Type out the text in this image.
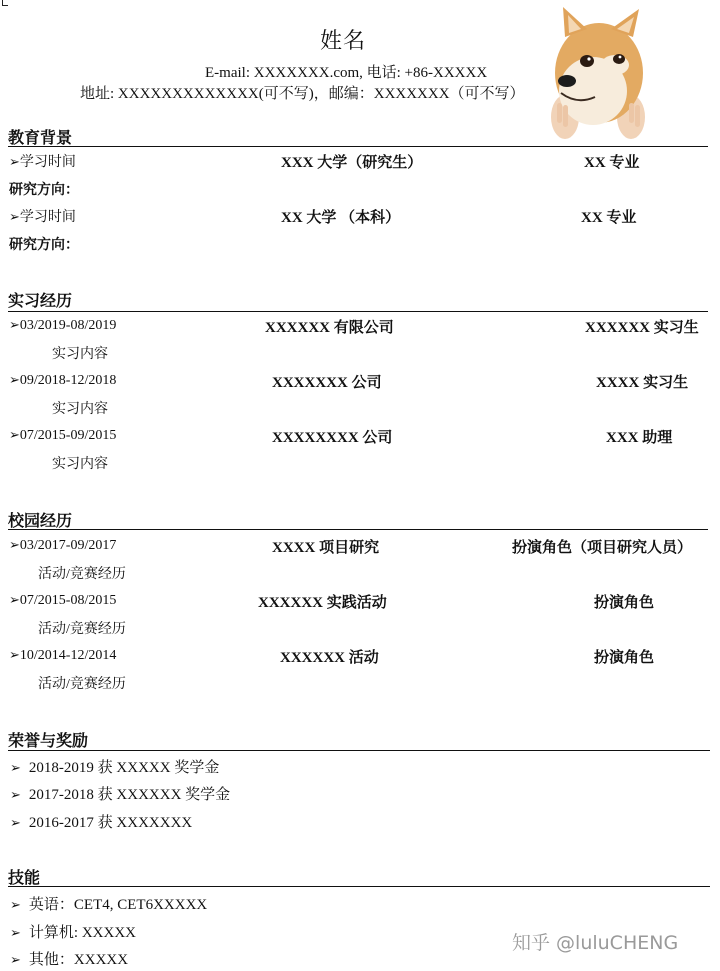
姓名
E-mail: XXXXXXX.com, 电话: +86-XXXXX
地址: XXXXXXXXXXXXX(可不写)，邮编：XXXXXXX（可不写）
教育背景
➢学习时间	XXX 大学（研究生）	XX 专业
研究方向：
➢学习时间	XX 大学 （本科）	XX 专业
研究方向：
实习经历
➢03/2019-08/2019	XXXXXX 有限公司	XXXXXX 实习生
实习内容
➢09/2018-12/2018	XXXXXXX 公司	XXXX 实习生
实习内容
➢07/2015-09/2015	XXXXXXXX 公司	XXX 助理
实习内容
校园经历
➢03/2017-09/2017	XXXX 项目研究	扮演角色（项目研究人员）
活动/竞赛经历
➢07/2015-08/2015	XXXXXX 实践活动	扮演角色
活动/竞赛经历
➢10/2014-12/2014	XXXXXX 活动	扮演角色
活动/竞赛经历
荣誉与奖励
➢ 2018-2019 获 XXXXX 奖学金
➢ 2017-2018 获 XXXXXX 奖学金
➢ 2016-2017 获 XXXXXXX
技能
➢ 英语：CET4, CET6XXXXX
➢ 计算机: XXXXX
➢ 其他：XXXXX
知乎 @luluCHENG
